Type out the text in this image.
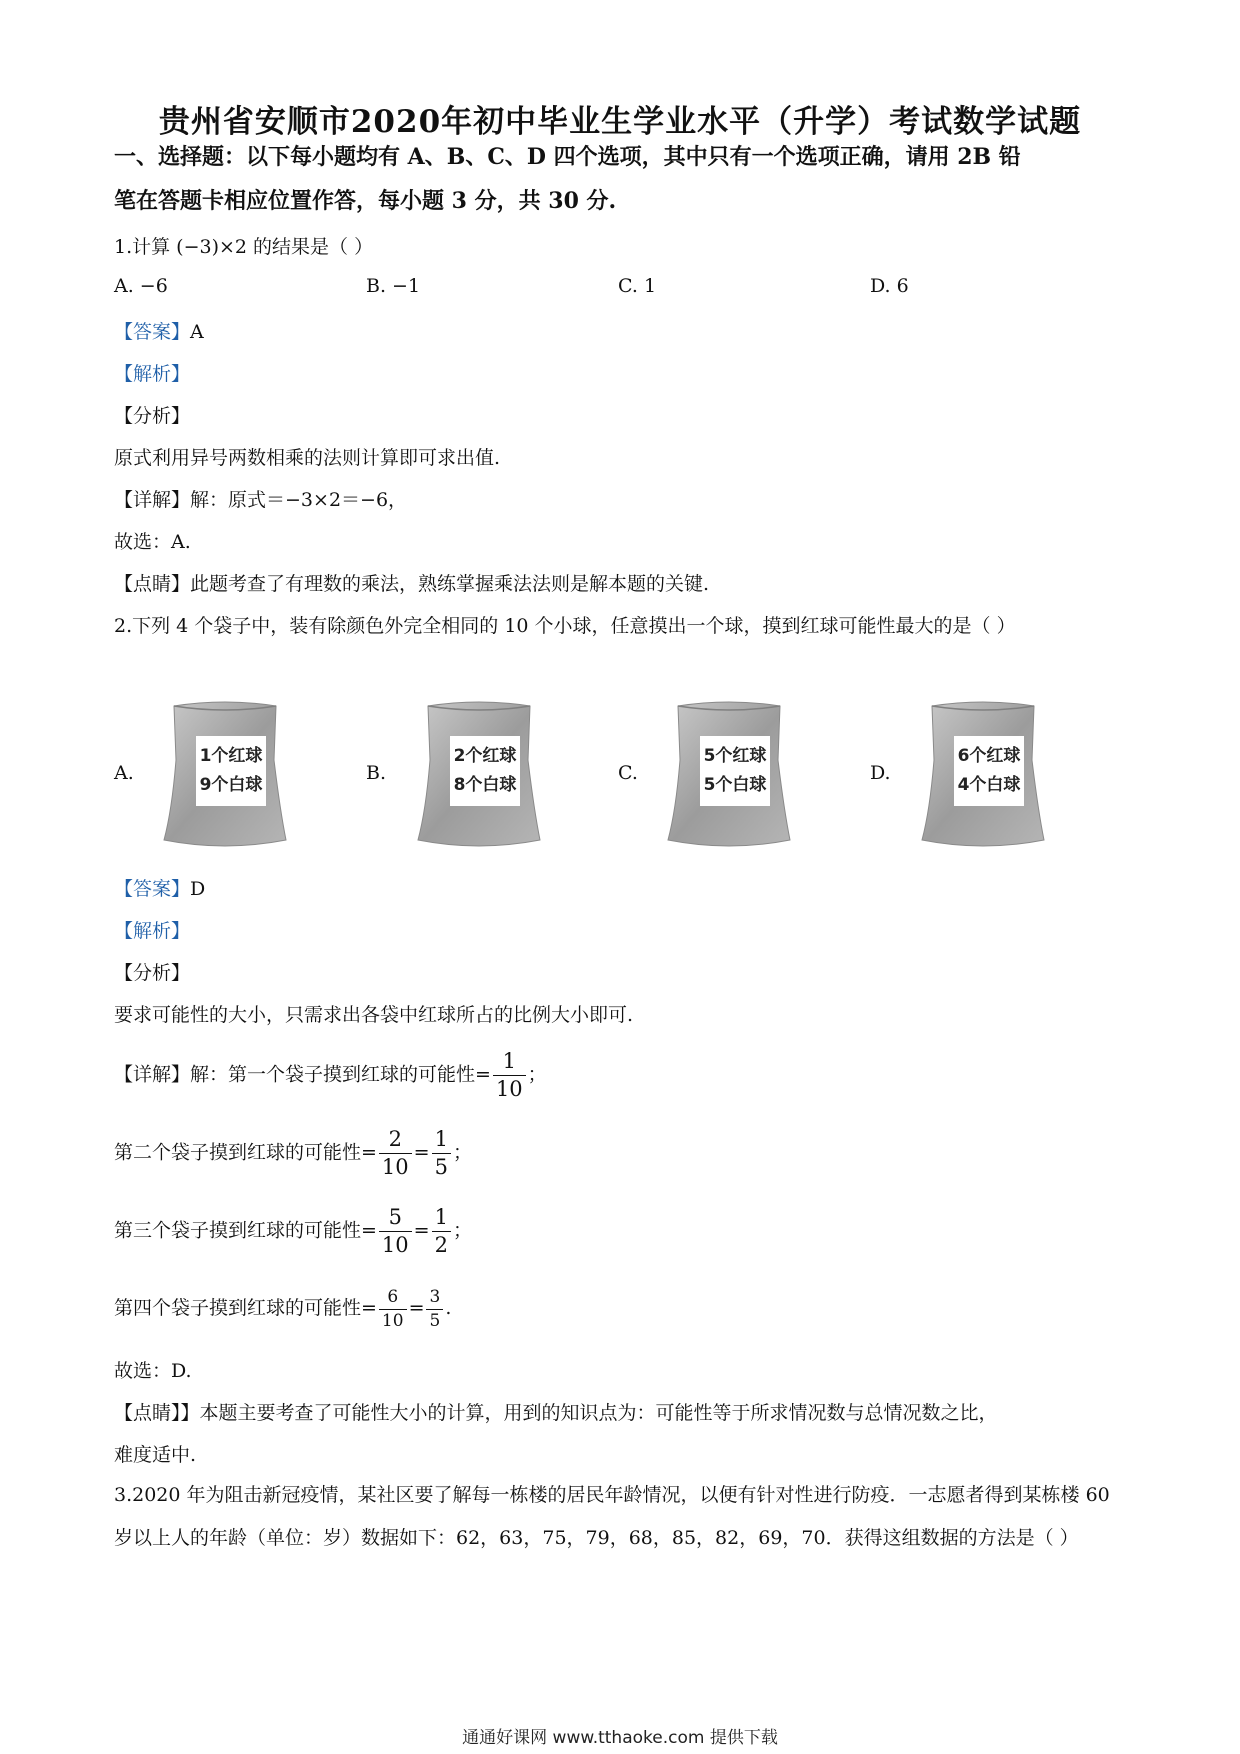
贵州省安顺市2020年初中毕业生学业水平（升学）考试数学试题
一、选择题：以下每小题均有 A、B、C、D 四个选项，其中只有一个选项正确，请用 2B 铅
笔在答题卡相应位置作答，每小题 3 分，共 30 分.
1.计算 (−3)×2 的结果是（ ）
A. −6	B. −1	C. 1	D. 6
【答案】A
【解析】
【分析】
原式利用异号两数相乘的法则计算即可求出值.
【详解】解：原式＝−3×2＝−6，
故选：A.
【点睛】此题考查了有理数的乘法，熟练掌握乘法法则是解本题的关键.
2.下列 4 个袋子中，装有除颜色外完全相同的 10 个小球，任意摸出一个球，摸到红球可能性最大的是（ ）
A.
1个红球
9个白球
B.
2个红球
8个白球
C.
5个红球
5个白球
D.
6个红球
4个白球
【答案】D
【解析】
【分析】
要求可能性的大小，只需求出各袋中红球所占的比例大小即可.
【详解】解：第一个袋子摸到红球的可能性= $\frac{1}{10}$ ；
第二个袋子摸到红球的可能性= $\frac{2}{10} = \frac{1}{5}$ ；
第三个袋子摸到红球的可能性= $\frac{5}{10} = \frac{1}{2}$ ；
第四个袋子摸到红球的可能性= $\frac{6}{10} = \frac{3}{5}$ .
故选：D.
【点睛】】本题主要考查了可能性大小的计算，用到的知识点为：可能性等于所求情况数与总情况数之比，
难度适中.
3.2020 年为阻击新冠疫情，某社区要了解每一栋楼的居民年龄情况，以便有针对性进行防疫．一志愿者得到某栋楼 60 岁以上人的年龄（单位：岁）数据如下：62，63，75，79，68，85，82，69，70．获得这组数据的方法是（ ）
通通好课网 www.tthaoke.com 提供下载
